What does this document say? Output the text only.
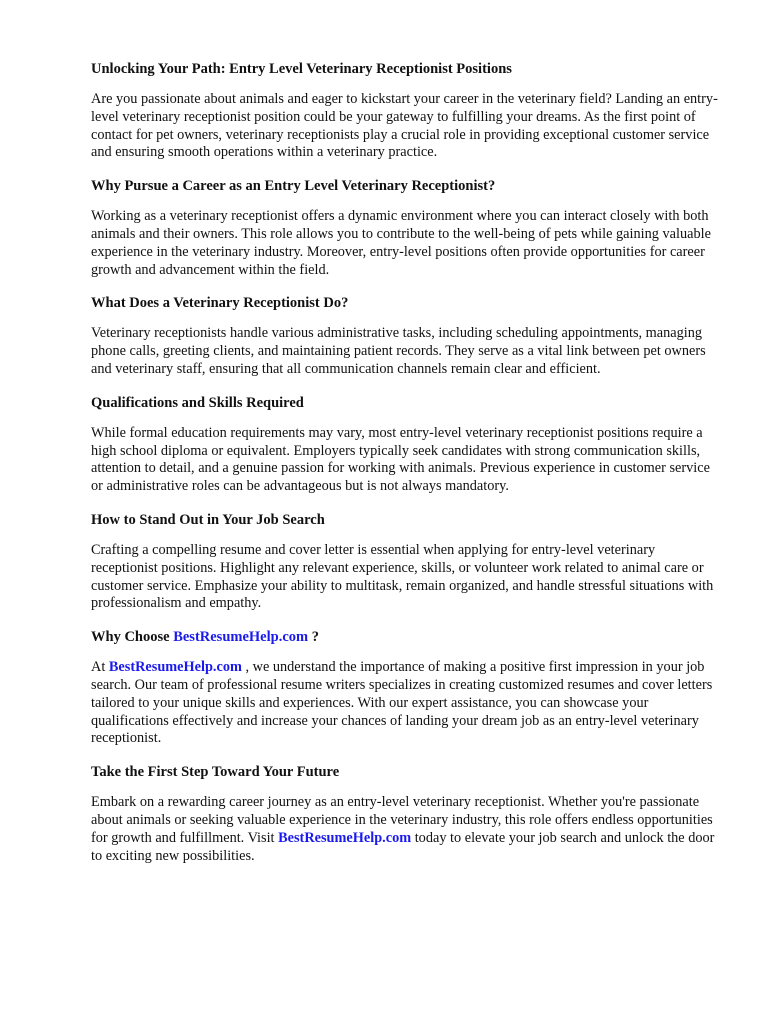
Unlocking Your Path: Entry Level Veterinary Receptionist Positions

Are you passionate about animals and eager to kickstart your career in the veterinary field? Landing an entry-level veterinary receptionist position could be your gateway to fulfilling your dreams. As the first point of contact for pet owners, veterinary receptionists play a crucial role in providing exceptional customer service and ensuring smooth operations within a veterinary practice.

Why Pursue a Career as an Entry Level Veterinary Receptionist?

Working as a veterinary receptionist offers a dynamic environment where you can interact closely with both animals and their owners. This role allows you to contribute to the well-being of pets while gaining valuable experience in the veterinary industry. Moreover, entry-level positions often provide opportunities for career growth and advancement within the field.

What Does a Veterinary Receptionist Do?

Veterinary receptionists handle various administrative tasks, including scheduling appointments, managing phone calls, greeting clients, and maintaining patient records. They serve as a vital link between pet owners and veterinary staff, ensuring that all communication channels remain clear and efficient.

Qualifications and Skills Required

While formal education requirements may vary, most entry-level veterinary receptionist positions require a high school diploma or equivalent. Employers typically seek candidates with strong communication skills, attention to detail, and a genuine passion for working with animals. Previous experience in customer service or administrative roles can be advantageous but is not always mandatory.

How to Stand Out in Your Job Search

Crafting a compelling resume and cover letter is essential when applying for entry-level veterinary receptionist positions. Highlight any relevant experience, skills, or volunteer work related to animal care or customer service. Emphasize your ability to multitask, remain organized, and handle stressful situations with professionalism and empathy.

Why Choose BestResumeHelp.com ?

At BestResumeHelp.com , we understand the importance of making a positive first impression in your job search. Our team of professional resume writers specializes in creating customized resumes and cover letters tailored to your unique skills and experiences. With our expert assistance, you can showcase your qualifications effectively and increase your chances of landing your dream job as an entry-level veterinary receptionist.

Take the First Step Toward Your Future

Embark on a rewarding career journey as an entry-level veterinary receptionist. Whether you're passionate about animals or seeking valuable experience in the veterinary industry, this role offers endless opportunities for growth and fulfillment. Visit BestResumeHelp.com today to elevate your job search and unlock the door to exciting new possibilities.
